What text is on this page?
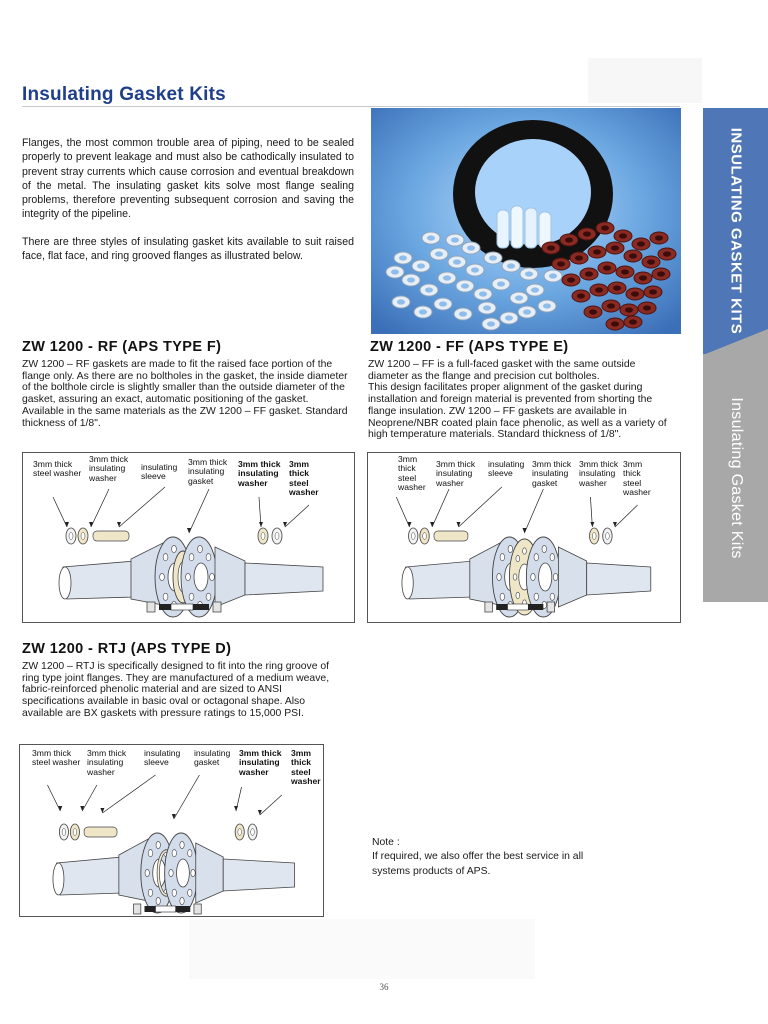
Insulating Gasket Kits

Flanges, the most common trouble area of piping, need to be sealed properly to prevent leakage and must also be cathodically insulated to prevent stray currents which cause corrosion and eventual breakdown of the metal. The insulating gasket kits solve most flange sealing problems, therefore preventing subsequent corrosion and saving the integrity of the pipeline.

There are three styles of insulating gasket kits available to suit raised face, flat face, and ring grooved flanges as illustrated below.	INSULATING GASKET KITS
Insulating Gasket Kits
ZW 1200 - RF (APS TYPE F)

ZW 1200 – RF gaskets are made to fit the raised face portion of the flange only. As there are no boltholes in the gasket, the inside diameter of the bolthole circle is slightly smaller than the outside diameter of the gasket, assuring an exact, automatic positioning of the gasket.

Available in the same materials as the ZW 1200 – FF gasket. Standard thickness of 1/8".

3mm thick
steel washer
3mm thick
insulating
washer
insulating
sleeve
3mm thick
insulating
gasket
3mm thick
insulating
washer
3mm
thick
steel
washer
ZW 1200 - FF (APS TYPE E)

ZW 1200 – FF is a full-faced gasket with the same outside diameter as the flange and precision cut boltholes.

This design facilitates proper alignment of the gasket during installation and foreign material is prevented from shorting the flange insulation. ZW 1200 – FF gaskets are available in Neoprene/NBR coated plain face phenolic, as well as a variety of high temperature materials. Standard thickness of 1/8".

3mm
thick
steel
washer
3mm thick
insulating
washer
insulating
sleeve
3mm thick
insulating
gasket
3mm thick
insulating
washer
3mm
thick
steel
washer
ZW 1200 - RTJ (APS TYPE D)

ZW 1200 – RTJ is specifically designed to fit into the ring groove of ring type joint flanges. They are manufactured of a medium weave, fabric-reinforced phenolic material and are sized to ANSI specifications available in basic oval or octagonal shape. Also available are BX gaskets with pressure ratings to 15,000 PSI.

3mm thick
steel washer
3mm thick
insulating
washer
insulating
sleeve
insulating
gasket
3mm thick
insulating
washer
3mm
thick
steel
washer
Note :
If required, we also offer the best service in all
systems products of APS.
36
